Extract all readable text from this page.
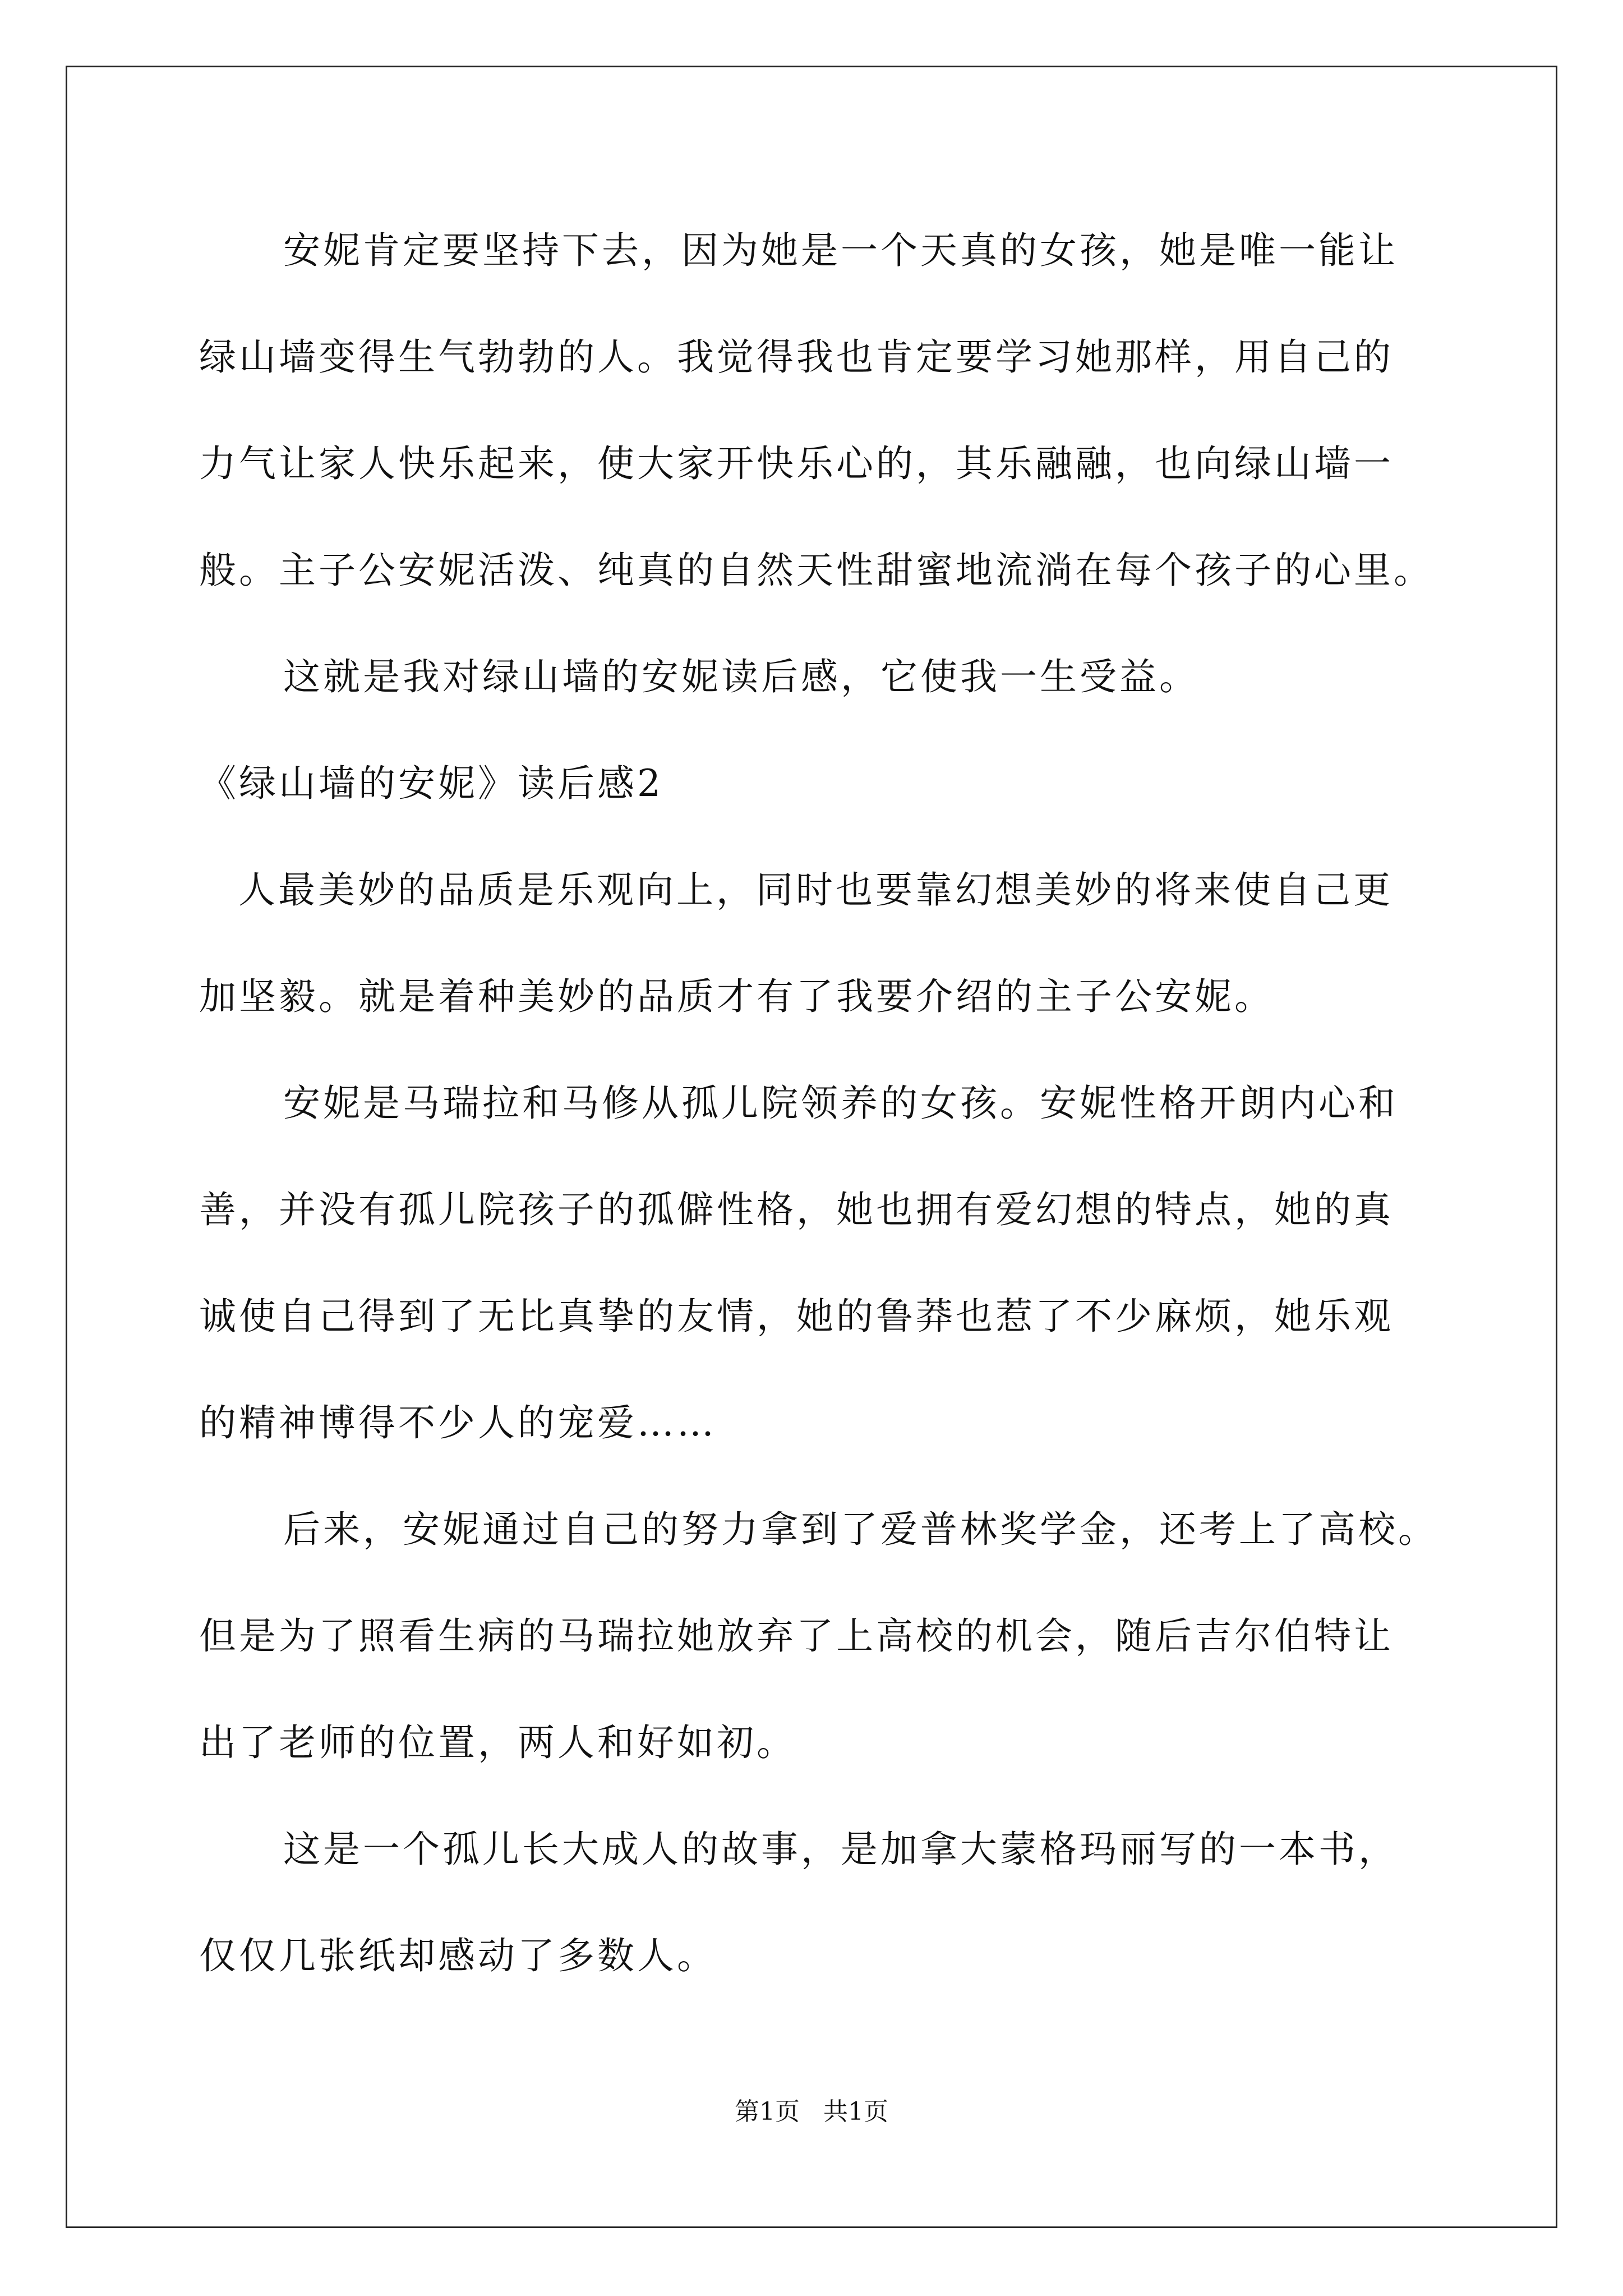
安妮肯定要坚持下去，因为她是一个天真的女孩，她是唯一能让
绿山墙变得生气勃勃的人。我觉得我也肯定要学习她那样，用自己的
力气让家人快乐起来，使大家开快乐心的，其乐融融，也向绿山墙一
般。主子公安妮活泼、纯真的自然天性甜蜜地流淌在每个孩子的心里。
这就是我对绿山墙的安妮读后感，它使我一生受益。
《绿山墙的安妮》读后感2
人最美妙的品质是乐观向上，同时也要靠幻想美妙的将来使自己更
加坚毅。就是着种美妙的品质才有了我要介绍的主子公安妮。
安妮是马瑞拉和马修从孤儿院领养的女孩。安妮性格开朗内心和
善，并没有孤儿院孩子的孤僻性格，她也拥有爱幻想的特点，她的真
诚使自己得到了无比真挚的友情，她的鲁莽也惹了不少麻烦，她乐观
的精神博得不少人的宠爱……
后来，安妮通过自己的努力拿到了爱普林奖学金，还考上了高校。
但是为了照看生病的马瑞拉她放弃了上高校的机会，随后吉尔伯特让
出了老师的位置，两人和好如初。
这是一个孤儿长大成人的故事，是加拿大蒙格玛丽写的一本书，
仅仅几张纸却感动了多数人。
第1页   共1页
